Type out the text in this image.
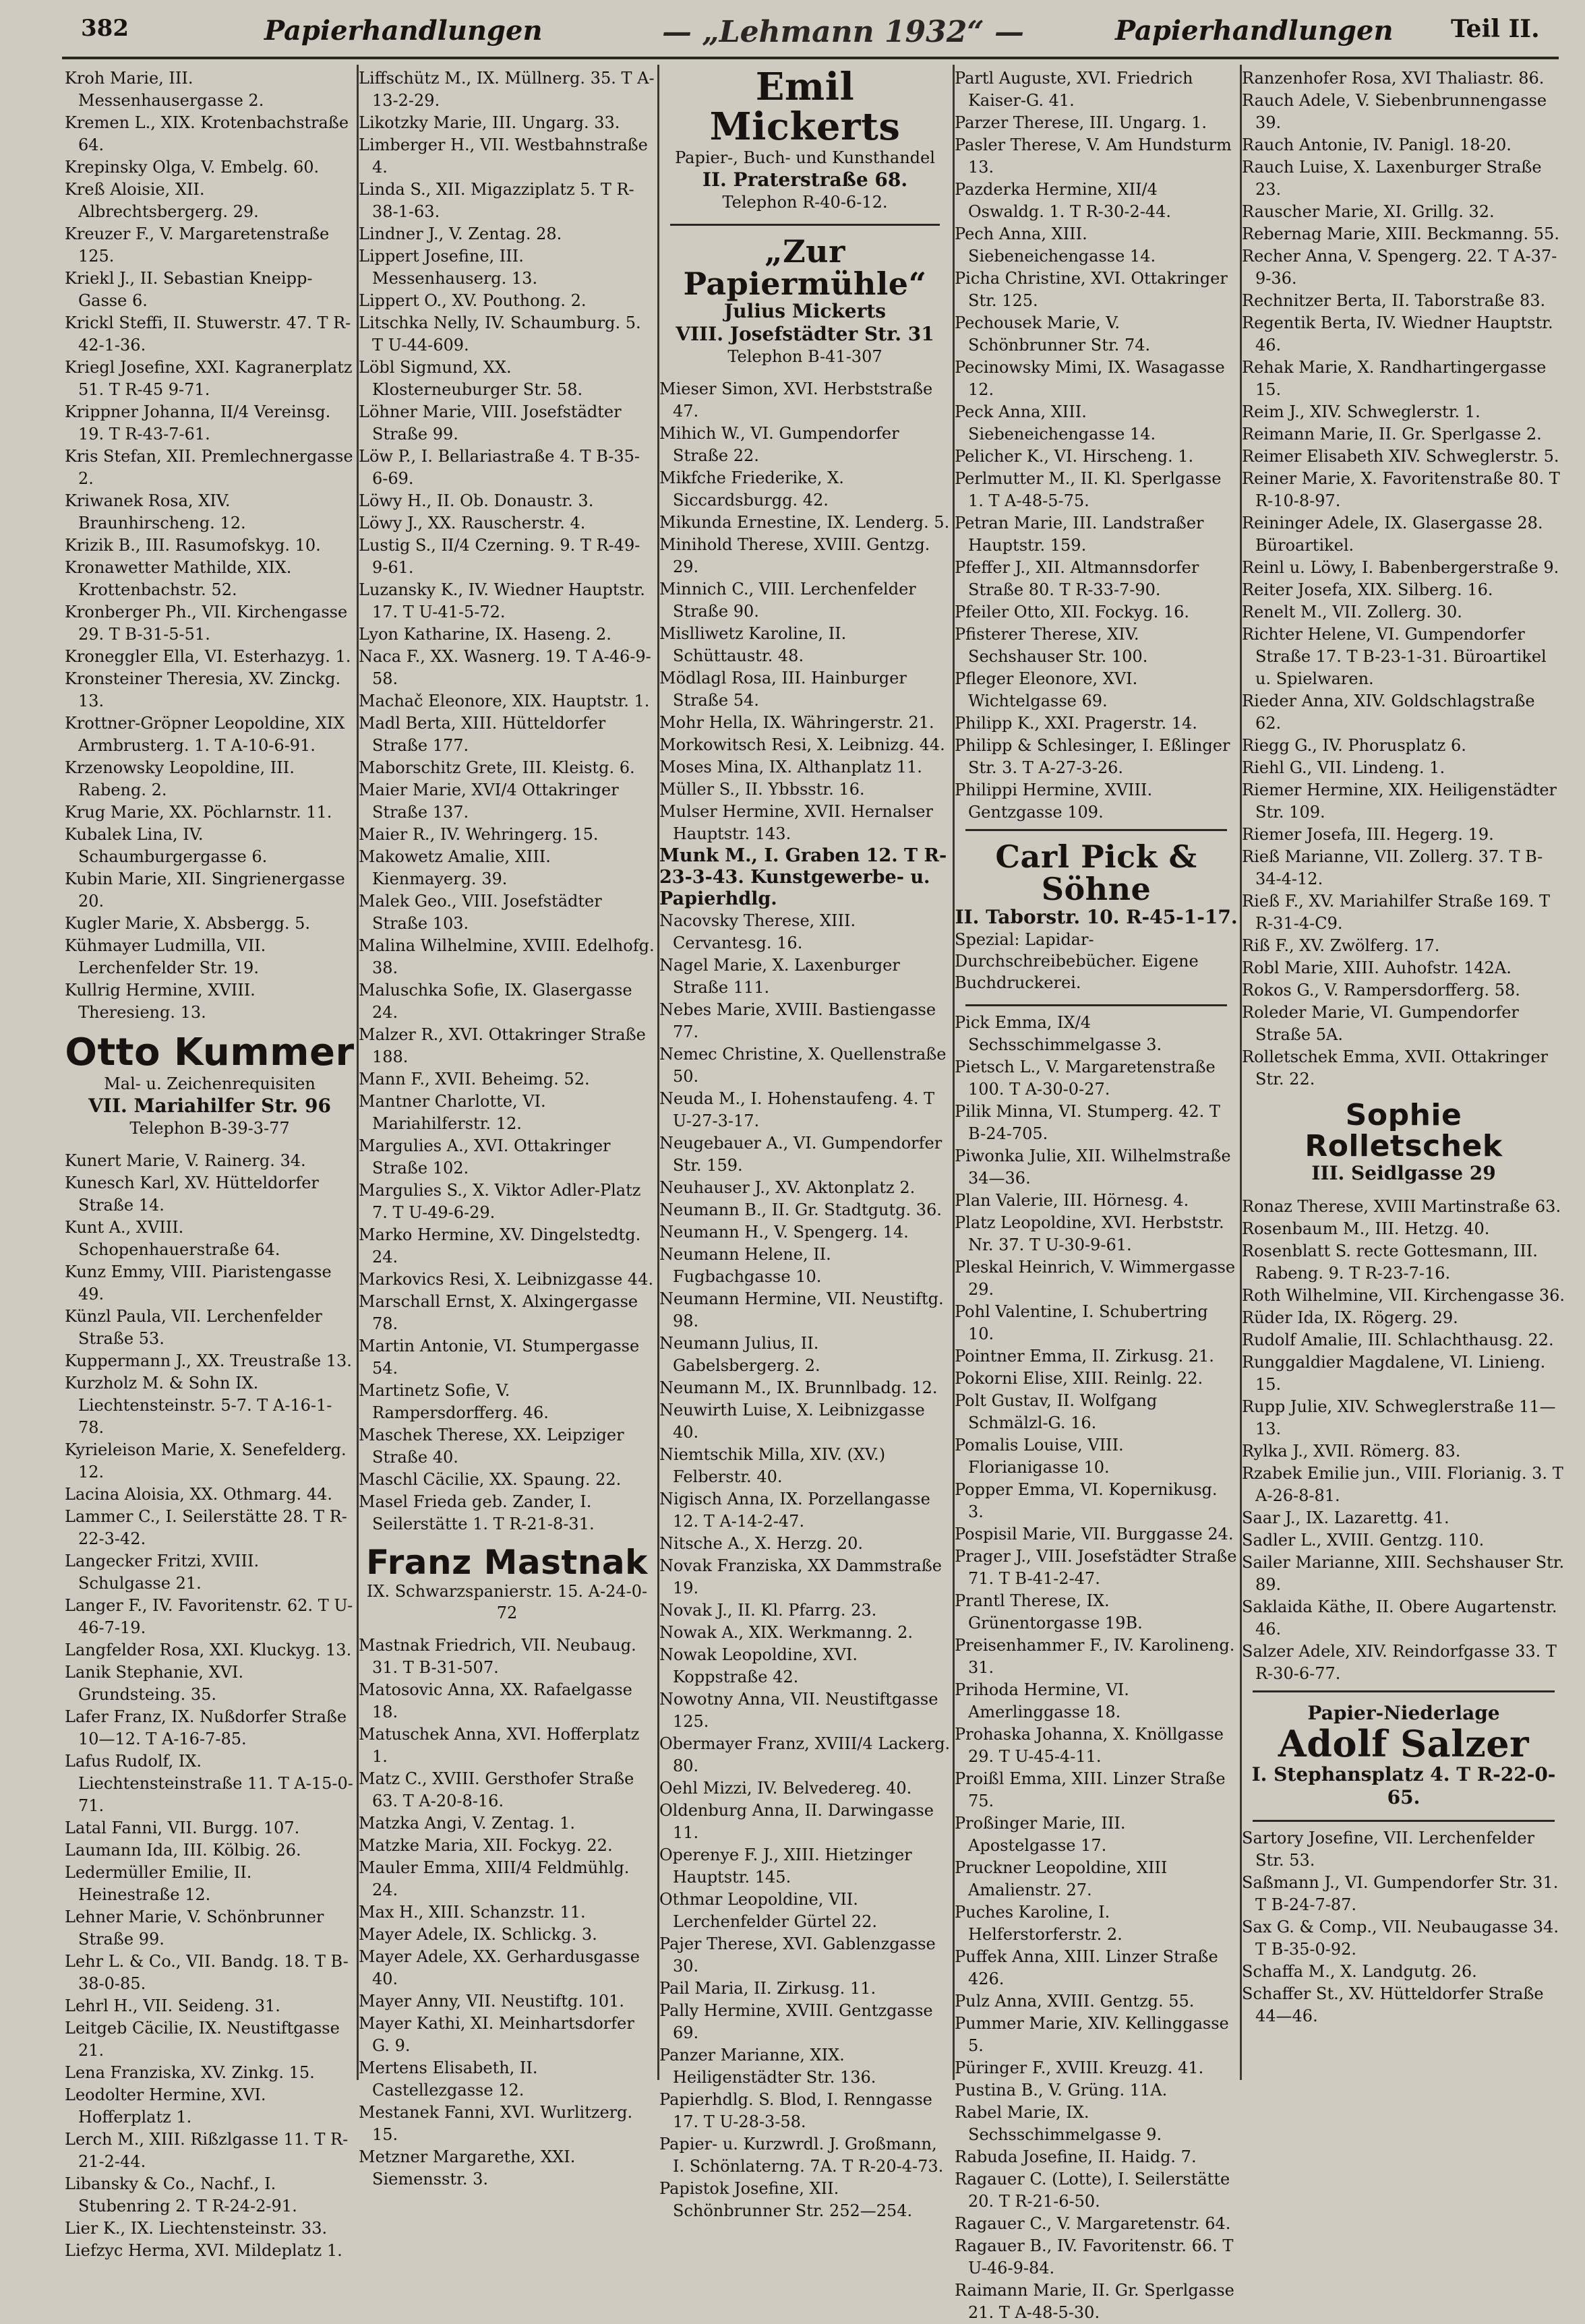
382	Papierhandlungen	— „Lehmann 1932“ —	Papierhandlungen Teil II.

Kroh Marie, III. Messenhausergasse 2.

Kremen L., XIX. Krotenbachstraße 64.

Krepinsky Olga, V. Embelg. 60.

Kreß Aloisie, XII. Albrechtsbergerg. 29.

Kreuzer F., V. Margaretenstraße 125.

Kriekl J., II. Sebastian Kneipp-Gasse 6.

Krickl Steffi, II. Stuwerstr. 47. T R-42-1-36.

Kriegl Josefine, XXI. Kagranerplatz 51. T R-45 9-71.

Krippner Johanna, II/4 Vereinsg. 19. T R-43-7-61.

Kris Stefan, XII. Premlechnergasse 2.

Kriwanek Rosa, XIV. Braunhirscheng. 12.

Krizik B., III. Rasumofskyg. 10.

Kronawetter Mathilde, XIX. Krottenbachstr. 52.

Kronberger Ph., VII. Kirchengasse 29. T B-31-5-51.

Kroneggler Ella, VI. Esterhazyg. 1.

Kronsteiner Theresia, XV. Zinckg. 13.

Krottner-Gröpner Leopoldine, XIX Armbrusterg. 1. T A-10-6-91.

Krzenowsky Leopoldine, III. Rabeng. 2.

Krug Marie, XX. Pöchlarnstr. 11.

Kubalek Lina, IV. Schaumburgergasse 6.

Kubin Marie, XII. Singrienergasse 20.

Kugler Marie, X. Absbergg. 5.

Kühmayer Ludmilla, VII. Lerchenfelder Str. 19.

Kullrig Hermine, XVIII. Theresieng. 13.

Otto Kummer
Mal- u. Zeichenrequisiten
VII. Mariahilfer Str. 96
Telephon B-39-3-77

Kunert Marie, V. Rainerg. 34.

Kunesch Karl, XV. Hütteldorfer Straße 14.

Kunt A., XVIII. Schopenhauerstraße 64.

Kunz Emmy, VIII. Piaristengasse 49.

Künzl Paula, VII. Lerchenfelder Straße 53.

Kuppermann J., XX. Treustraße 13.

Kurzholz M. & Sohn IX. Liechtensteinstr. 5-7. T A-16-1-78.

Kyrieleison Marie, X. Senefelderg. 12.

Lacina Aloisia, XX. Othmarg. 44.

Lammer C., I. Seilerstätte 28. T R-22-3-42.

Langecker Fritzi, XVIII. Schulgasse 21.

Langer F., IV. Favoritenstr. 62. T U-46-7-19.

Langfelder Rosa, XXI. Kluckyg. 13.

Lanik Stephanie, XVI. Grundsteing. 35.

Lafer Franz, IX. Nußdorfer Straße 10—12. T A-16-7-85.

Lafus Rudolf, IX. Liechtensteinstraße 11. T A-15-0-71.

Latal Fanni, VII. Burgg. 107.

Laumann Ida, III. Kölbig. 26.

Ledermüller Emilie, II. Heinestraße 12.

Lehner Marie, V. Schönbrunner Straße 99.

Lehr L. & Co., VII. Bandg. 18. T B-38-0-85.

Lehrl H., VII. Seideng. 31.

Leitgeb Cäcilie, IX. Neustiftgasse 21.

Lena Franziska, XV. Zinkg. 15.

Leodolter Hermine, XVI. Hofferplatz 1.

Lerch M., XIII. Rißzlgasse 11. T R-21-2-44.

Libansky & Co., Nachf., I. Stubenring 2. T R-24-2-91.

Lier K., IX. Liechtensteinstr. 33.

Liefzyc Herma, XVI. Mildeplatz 1.

Liffschütz M., IX. Müllnerg. 35. T A-13-2-29.

Likotzky Marie, III. Ungarg. 33.

Limberger H., VII. Westbahnstraße 4.

Linda S., XII. Migazziplatz 5. T R-38-1-63.

Lindner J., V. Zentag. 28.

Lippert Josefine, III. Messenhauserg. 13.

Lippert O., XV. Pouthong. 2.

Litschka Nelly, IV. Schaumburg. 5. T U-44-609.

Löbl Sigmund, XX. Klosterneuburger Str. 58.

Löhner Marie, VIII. Josefstädter Straße 99.

Löw P., I. Bellariastraße 4. T B-35-6-69.

Löwy H., II. Ob. Donaustr. 3.

Löwy J., XX. Rauscherstr. 4.

Lustig S., II/4 Czerning. 9. T R-49-9-61.

Luzansky K., IV. Wiedner Hauptstr. 17. T U-41-5-72.

Lyon Katharine, IX. Haseng. 2.

Naca F., XX. Wasnerg. 19. T A-46-9-58.

Machač Eleonore, XIX. Hauptstr. 1.

Madl Berta, XIII. Hütteldorfer Straße 177.

Maborschitz Grete, III. Kleistg. 6.

Maier Marie, XVI/4 Ottakringer Straße 137.

Maier R., IV. Wehringerg. 15.

Makowetz Amalie, XIII. Kienmayerg. 39.

Malek Geo., VIII. Josefstädter Straße 103.

Malina Wilhelmine, XVIII. Edelhofg. 38.

Maluschka Sofie, IX. Glasergasse 24.

Malzer R., XVI. Ottakringer Straße 188.

Mann F., XVII. Beheimg. 52.

Mantner Charlotte, VI. Mariahilferstr. 12.

Margulies A., XVI. Ottakringer Straße 102.

Margulies S., X. Viktor Adler-Platz 7. T U-49-6-29.

Marko Hermine, XV. Dingelstedtg. 24.

Markovics Resi, X. Leibnizgasse 44.

Marschall Ernst, X. Alxingergasse 78.

Martin Antonie, VI. Stumpergasse 54.

Martinetz Sofie, V. Rampersdorfferg. 46.

Maschek Therese, XX. Leipziger Straße 40.

Maschl Cäcilie, XX. Spaung. 22.

Masel Frieda geb. Zander, I. Seilerstätte 1. T R-21-8-31.

Franz Mastnak
IX. Schwarzspanierstr. 15. A-24-0-72

Mastnak Friedrich, VII. Neubaug. 31. T B-31-507.

Matosovic Anna, XX. Rafaelgasse 18.

Matuschek Anna, XVI. Hofferplatz 1.

Matz C., XVIII. Gersthofer Straße 63. T A-20-8-16.

Matzka Angi, V. Zentag. 1.

Matzke Maria, XII. Fockyg. 22.

Mauler Emma, XIII/4 Feldmühlg. 24.

Max H., XIII. Schanzstr. 11.

Mayer Adele, IX. Schlickg. 3.

Mayer Adele, XX. Gerhardusgasse 40.

Mayer Anny, VII. Neustiftg. 101.

Mayer Kathi, XI. Meinhartsdorfer G. 9.

Mertens Elisabeth, II. Castellezgasse 12.

Mestanek Fanni, XVI. Wurlitzerg. 15.

Metzner Margarethe, XXI. Siemensstr. 3.

Emil Mickerts
Papier-, Buch- und Kunsthandel
II. Praterstraße 68.
Telephon R-40-6-12.
„Zur Papiermühle“
Julius Mickerts
VIII. Josefstädter Str. 31
Telephon B-41-307

Mieser Simon, XVI. Herbststraße 47.

Mihich W., VI. Gumpendorfer Straße 22.

Mikfche Friederike, X. Siccardsburgg. 42.

Mikunda Ernestine, IX. Lenderg. 5.

Minihold Therese, XVIII. Gentzg. 29.

Minnich C., VIII. Lerchenfelder Straße 90.

Mislliwetz Karoline, II. Schüttaustr. 48.

Mödlagl Rosa, III. Hainburger Straße 54.

Mohr Hella, IX. Währingerstr. 21.

Morkowitsch Resi, X. Leibnizg. 44.

Moses Mina, IX. Althanplatz 11.

Müller S., II. Ybbsstr. 16.

Mulser Hermine, XVII. Hernalser Hauptstr. 143.

Munk M., I. Graben 12. T R-23-3-43. Kunstgewerbe- u. Papierhdlg.

Nacovsky Therese, XIII. Cervantesg. 16.

Nagel Marie, X. Laxenburger Straße 111.

Nebes Marie, XVIII. Bastiengasse 77.

Nemec Christine, X. Quellenstraße 50.

Neuda M., I. Hohenstaufeng. 4. T U-27-3-17.

Neugebauer A., VI. Gumpendorfer Str. 159.

Neuhauser J., XV. Aktonplatz 2.

Neumann B., II. Gr. Stadtgutg. 36.

Neumann H., V. Spengerg. 14.

Neumann Helene, II. Fugbachgasse 10.

Neumann Hermine, VII. Neustiftg. 98.

Neumann Julius, II. Gabelsbergerg. 2.

Neumann M., IX. Brunnlbadg. 12.

Neuwirth Luise, X. Leibnizgasse 40.

Niemtschik Milla, XIV. (XV.) Felberstr. 40.

Nigisch Anna, IX. Porzellangasse 12. T A-14-2-47.

Nitsche A., X. Herzg. 20.

Novak Franziska, XX Dammstraße 19.

Novak J., II. Kl. Pfarrg. 23.

Nowak A., XIX. Werkmanng. 2.

Nowak Leopoldine, XVI. Koppstraße 42.

Nowotny Anna, VII. Neustiftgasse 125.

Obermayer Franz, XVIII/4 Lackerg. 80.

Oehl Mizzi, IV. Belvedereg. 40.

Oldenburg Anna, II. Darwingasse 11.

Operenye F. J., XIII. Hietzinger Hauptstr. 145.

Othmar Leopoldine, VII. Lerchenfelder Gürtel 22.

Pajer Therese, XVI. Gablenzgasse 30.

Pail Maria, II. Zirkusg. 11.

Pally Hermine, XVIII. Gentzgasse 69.

Panzer Marianne, XIX. Heiligenstädter Str. 136.

Papierhdlg. S. Blod, I. Renngasse 17. T U-28-3-58.

Papier- u. Kurzwrdl. J. Großmann, I. Schönlaterng. 7A. T R-20-4-73.

Papistok Josefine, XII. Schönbrunner Str. 252—254.

Partl Auguste, XVI. Friedrich Kaiser-G. 41.

Parzer Therese, III. Ungarg. 1.

Pasler Therese, V. Am Hundsturm 13.

Pazderka Hermine, XII/4 Oswaldg. 1. T R-30-2-44.

Pech Anna, XIII. Siebeneichengasse 14.

Picha Christine, XVI. Ottakringer Str. 125.

Pechousek Marie, V. Schönbrunner Str. 74.

Pecinowsky Mimi, IX. Wasagasse 12.

Peck Anna, XIII. Siebeneichengasse 14.

Pelicher K., VI. Hirscheng. 1.

Perlmutter M., II. Kl. Sperlgasse 1. T A-48-5-75.

Petran Marie, III. Landstraßer Hauptstr. 159.

Pfeffer J., XII. Altmannsdorfer Straße 80. T R-33-7-90.

Pfeiler Otto, XII. Fockyg. 16.

Pfisterer Therese, XIV. Sechshauser Str. 100.

Pfleger Eleonore, XVI. Wichtelgasse 69.

Philipp K., XXI. Pragerstr. 14.

Philipp & Schlesinger, I. Eßlinger Str. 3. T A-27-3-26.

Philippi Hermine, XVIII. Gentzgasse 109.

Carl Pick & Söhne
II. Taborstr. 10. R-45-1-17.
Spezial: Lapidar-Durchschreibebücher. Eigene Buchdruckerei.

Pick Emma, IX/4 Sechsschimmelgasse 3.

Pietsch L., V. Margaretenstraße 100. T A-30-0-27.

Pilik Minna, VI. Stumperg. 42. T B-24-705.

Piwonka Julie, XII. Wilhelmstraße 34—36.

Plan Valerie, III. Hörnesg. 4.

Platz Leopoldine, XVI. Herbststr. Nr. 37. T U-30-9-61.

Pleskal Heinrich, V. Wimmergasse 29.

Pohl Valentine, I. Schubertring 10.

Pointner Emma, II. Zirkusg. 21.

Pokorni Elise, XIII. Reinlg. 22.

Polt Gustav, II. Wolfgang Schmälzl-G. 16.

Pomalis Louise, VIII. Florianigasse 10.

Popper Emma, VI. Kopernikusg. 3.

Pospisil Marie, VII. Burggasse 24.

Prager J., VIII. Josefstädter Straße 71. T B-41-2-47.

Prantl Therese, IX. Grünentorgasse 19B.

Preisenhammer F., IV. Karolineng. 31.

Prihoda Hermine, VI. Amerlinggasse 18.

Prohaska Johanna, X. Knöllgasse 29. T U-45-4-11.

Proißl Emma, XIII. Linzer Straße 75.

Proßinger Marie, III. Apostelgasse 17.

Pruckner Leopoldine, XIII Amalienstr. 27.

Puches Karoline, I. Helferstorferstr. 2.

Puffek Anna, XIII. Linzer Straße 426.

Pulz Anna, XVIII. Gentzg. 55.

Pummer Marie, XIV. Kellinggasse 5.

Püringer F., XVIII. Kreuzg. 41.

Pustina B., V. Grüng. 11A.

Rabel Marie, IX. Sechsschimmelgasse 9.

Rabuda Josefine, II. Haidg. 7.

Ragauer C. (Lotte), I. Seilerstätte 20. T R-21-6-50.

Ragauer C., V. Margaretenstr. 64.

Ragauer B., IV. Favoritenstr. 66. T U-46-9-84.

Raimann Marie, II. Gr. Sperlgasse 21. T A-48-5-30.

Ranzenhofer Rosa, XVI Thaliastr. 86.

Rauch Adele, V. Siebenbrunnengasse 39.

Rauch Antonie, IV. Panigl. 18-20.

Rauch Luise, X. Laxenburger Straße 23.

Rauscher Marie, XI. Grillg. 32.

Rebernag Marie, XIII. Beckmanng. 55.

Recher Anna, V. Spengerg. 22. T A-37-9-36.

Rechnitzer Berta, II. Taborstraße 83.

Regentik Berta, IV. Wiedner Hauptstr. 46.

Rehak Marie, X. Randhartingergasse 15.

Reim J., XIV. Schweglerstr. 1.

Reimann Marie, II. Gr. Sperlgasse 2.

Reimer Elisabeth XIV. Schweglerstr. 5.

Reiner Marie, X. Favoritenstraße 80. T R-10-8-97.

Reininger Adele, IX. Glasergasse 28. Büroartikel.

Reinl u. Löwy, I. Babenbergerstraße 9.

Reiter Josefa, XIX. Silberg. 16.

Renelt M., VII. Zollerg. 30.

Richter Helene, VI. Gumpendorfer Straße 17. T B-23-1-31. Büroartikel u. Spielwaren.

Rieder Anna, XIV. Goldschlagstraße 62.

Riegg G., IV. Phorusplatz 6.

Riehl G., VII. Lindeng. 1.

Riemer Hermine, XIX. Heiligenstädter Str. 109.

Riemer Josefa, III. Hegerg. 19.

Rieß Marianne, VII. Zollerg. 37. T B-34-4-12.

Rieß F., XV. Mariahilfer Straße 169. T R-31-4-C9.

Riß F., XV. Zwölferg. 17.

Robl Marie, XIII. Auhofstr. 142A.

Rokos G., V. Rampersdorfferg. 58.

Roleder Marie, VI. Gumpendorfer Straße 5A.

Rolletschek Emma, XVII. Ottakringer Str. 22.

Sophie Rolletschek
III. Seidlgasse 29

Ronaz Therese, XVIII Martinstraße 63.

Rosenbaum M., III. Hetzg. 40.

Rosenblatt S. recte Gottesmann, III. Rabeng. 9. T R-23-7-16.

Roth Wilhelmine, VII. Kirchengasse 36.

Rüder Ida, IX. Rögerg. 29.

Rudolf Amalie, III. Schlachthausg. 22.

Runggaldier Magdalene, VI. Linieng. 15.

Rupp Julie, XIV. Schweglerstraße 11—13.

Rylka J., XVII. Römerg. 83.

Rzabek Emilie jun., VIII. Florianig. 3. T A-26-8-81.

Saar J., IX. Lazarettg. 41.

Sadler L., XVIII. Gentzg. 110.

Sailer Marianne, XIII. Sechshauser Str. 89.

Saklaida Käthe, II. Obere Augartenstr. 46.

Salzer Adele, XIV. Reindorfgasse 33. T R-30-6-77.

Papier-Niederlage
Adolf Salzer
I. Stephansplatz 4. T R-22-0-65.

Sartory Josefine, VII. Lerchenfelder Str. 53.

Saßmann J., VI. Gumpendorfer Str. 31. T B-24-7-87.

Sax G. & Comp., VII. Neubaugasse 34. T B-35-0-92.

Schaffa M., X. Landgutg. 26.

Schaffer St., XV. Hütteldorfer Straße 44—46.
